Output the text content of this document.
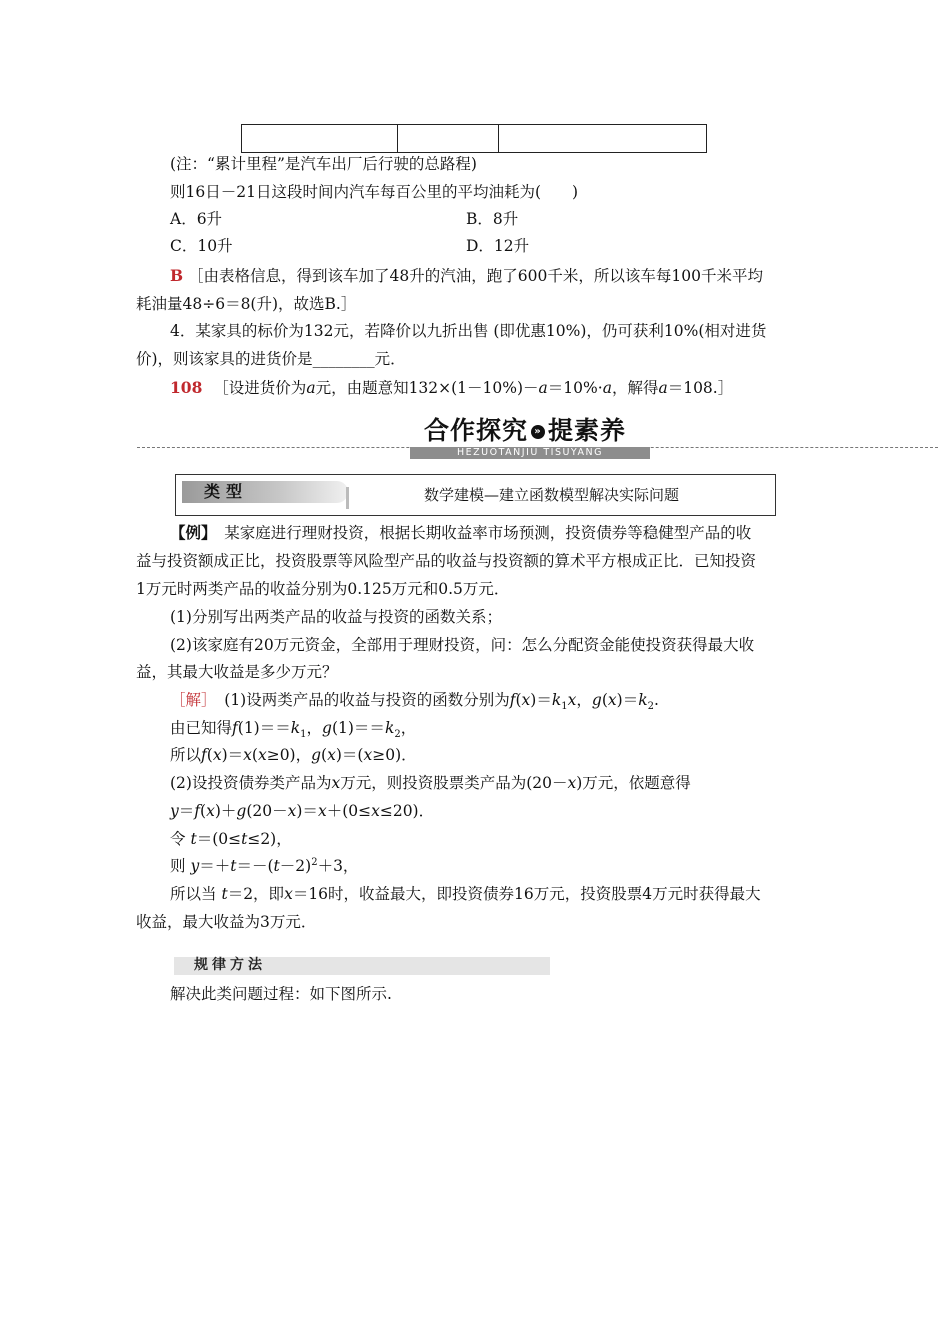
(注：“累计里程”是汽车出厂后行驶的总路程)
则16日－21日这段时间内汽车每百公里的平均油耗为(　　)
A．6升	B．8升
C．10升	D．12升
B ［由表格信息，得到该车加了48升的汽油，跑了600千米，所以该车每100千米平均
耗油量48÷6＝8(升)，故选B.］
4．某家具的标价为132元，若降价以九折出售 (即优惠10%)，仍可获利10%(相对进货
价)，则该家具的进货价是________元．
108 ［设进货价为a元，由题意知132×(1－10%)－a＝10%·a，解得a＝108.］
合作探究 » 提素养
HEZUOTANJIU TISUYANG
类型	数学建模—建立函数模型解决实际问题
【例】　某家庭进行理财投资，根据长期收益率市场预测，投资债券等稳健型产品的收
益与投资额成正比，投资股票等风险型产品的收益与投资额的算术平方根成正比．已知投资
1万元时两类产品的收益分别为0.125万元和0.5万元．
(1)分别写出两类产品的收益与投资的函数关系；
(2)该家庭有20万元资金，全部用于理财投资，问：怎么分配资金能使投资获得最大收
益，其最大收益是多少万元？
［解］　(1)设两类产品的收益与投资的函数分别为$f(x)=k_1x$，$g(x)=k_2$.
由已知得$f(1)==k_1$，$g(1)==k_2$，
所以f(x)＝x(x≥0)，g(x)＝(x≥0)．
(2)设投资债券类产品为x万元，则投资股票类产品为(20－x)万元，依题意得
y＝f(x)＋g(20－x)＝x＋(0≤x≤20)．
令 t＝(0≤t≤2)，
则 $y=+t=-(t-2)^2+3$，
所以当 t＝2，即x＝16时，收益最大，即投资债券16万元，投资股票4万元时获得最大
收益，最大收益为3万元．
规律方法
解决此类问题过程：如下图所示.
